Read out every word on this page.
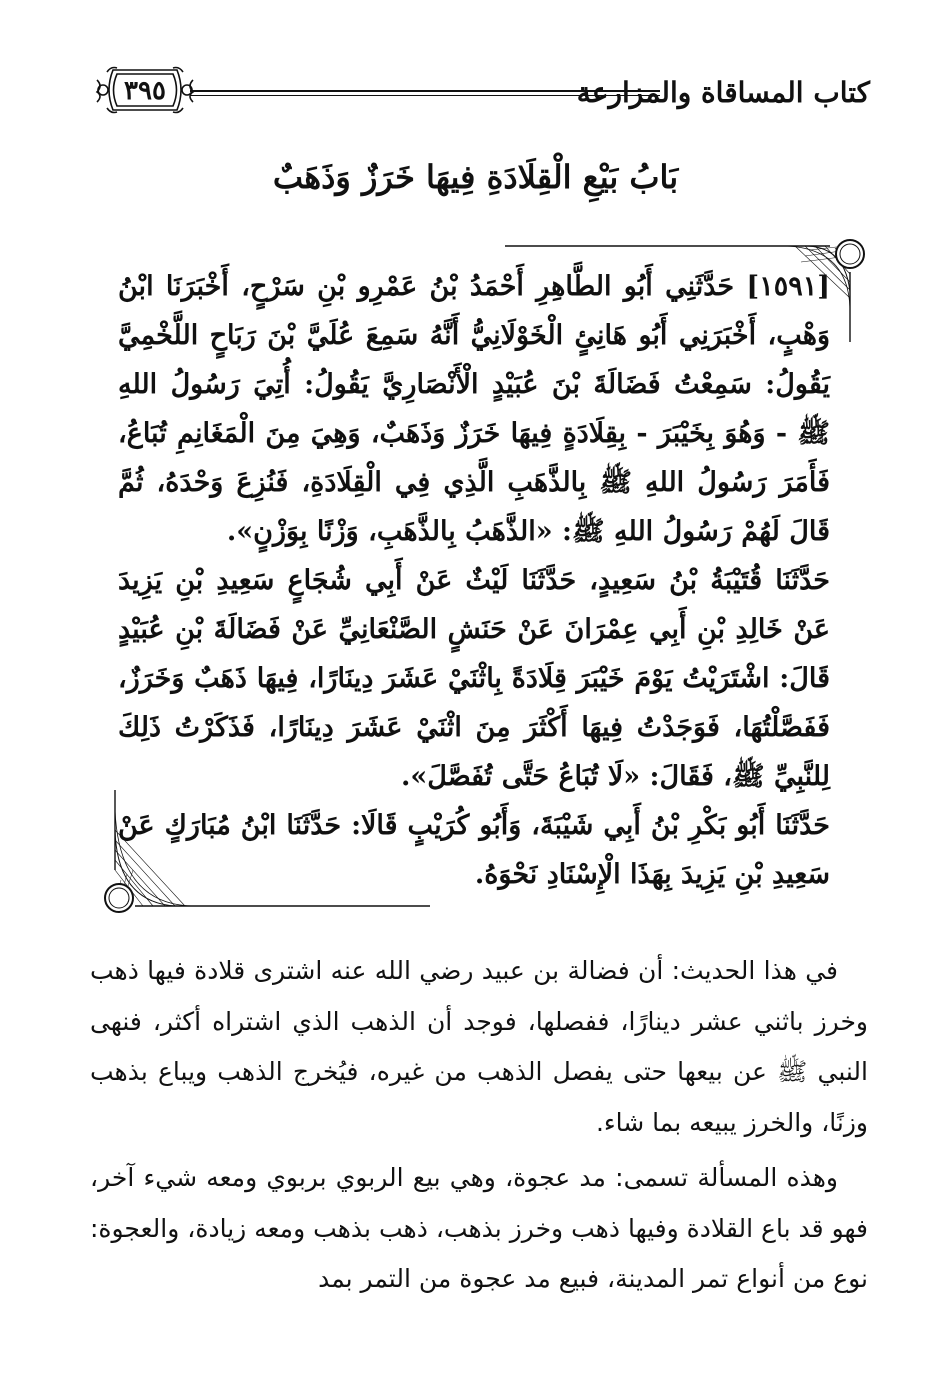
٣٩٥	كتاب المساقاة والمزارعة
بَابُ بَيْعِ الْقِلَادَةِ فِيهَا خَرَزٌ وَذَهَبٌ

[١٥٩١] حَدَّثَنِي أَبُو الطَّاهِرِ أَحْمَدُ بْنُ عَمْرِو بْنِ سَرْحٍ، أَخْبَرَنَا ابْنُ وَهْبٍ، أَخْبَرَنِي أَبُو هَانِئٍ الْخَوْلَانِيُّ أَنَّهُ سَمِعَ عُلَيَّ بْنَ رَبَاحٍ اللَّخْمِيَّ يَقُولُ: سَمِعْتُ فَضَالَةَ بْنَ عُبَيْدٍ الْأَنْصَارِيَّ يَقُولُ: أُتِيَ رَسُولُ اللهِ ﷺ - وَهُوَ بِخَيْبَرَ - بِقِلَادَةٍ فِيهَا خَرَزٌ وَذَهَبٌ، وَهِيَ مِنَ الْمَغَانِمِ تُبَاعُ، فَأَمَرَ رَسُولُ اللهِ ﷺ بِالذَّهَبِ الَّذِي فِي الْقِلَادَةِ، فَنُزِعَ وَحْدَهُ، ثُمَّ قَالَ لَهُمْ رَسُولُ اللهِ ﷺ: «الذَّهَبُ بِالذَّهَبِ، وَزْنًا بِوَزْنٍ».

حَدَّثَنَا قُتَيْبَةُ بْنُ سَعِيدٍ، حَدَّثَنَا لَيْثٌ عَنْ أَبِي شُجَاعٍ سَعِيدِ بْنِ يَزِيدَ عَنْ خَالِدِ بْنِ أَبِي عِمْرَانَ عَنْ حَنَشٍ الصَّنْعَانِيِّ عَنْ فَضَالَةَ بْنِ عُبَيْدٍ قَالَ: اشْتَرَيْتُ يَوْمَ خَيْبَرَ قِلَادَةً بِاثْنَيْ عَشَرَ دِينَارًا، فِيهَا ذَهَبٌ وَخَرَزٌ، فَفَصَّلْتُهَا، فَوَجَدْتُ فِيهَا أَكْثَرَ مِنَ اثْنَيْ عَشَرَ دِينَارًا، فَذَكَرْتُ ذَلِكَ لِلنَّبِيِّ ﷺ، فَقَالَ: «لَا تُبَاعُ حَتَّى تُفَصَّلَ».

حَدَّثَنَا أَبُو بَكْرِ بْنُ أَبِي شَيْبَةَ، وَأَبُو كُرَيْبٍ قَالَا: حَدَّثَنَا ابْنُ مُبَارَكٍ عَنْ سَعِيدِ بْنِ يَزِيدَ بِهَذَا الْإِسْنَادِ نَحْوَهُ.

في هذا الحديث: أن فضالة بن عبيد رضي الله عنه اشترى قلادة فيها ذهب وخرز باثني عشر دينارًا، ففصلها، فوجد أن الذهب الذي اشتراه أكثر، فنهى النبي ﷺ عن بيعها حتى يفصل الذهب من غيره، فيُخرج الذهب ويباع بذهب وزنًا، والخرز يبيعه بما شاء.

وهذه المسألة تسمى: مد عجوة، وهي بيع الربوي بربوي ومعه شيء آخر، فهو قد باع القلادة وفيها ذهب وخرز بذهب، ذهب بذهب ومعه زيادة، والعجوة: نوع من أنواع تمر المدينة، فبيع مد عجوة من التمر بمد
